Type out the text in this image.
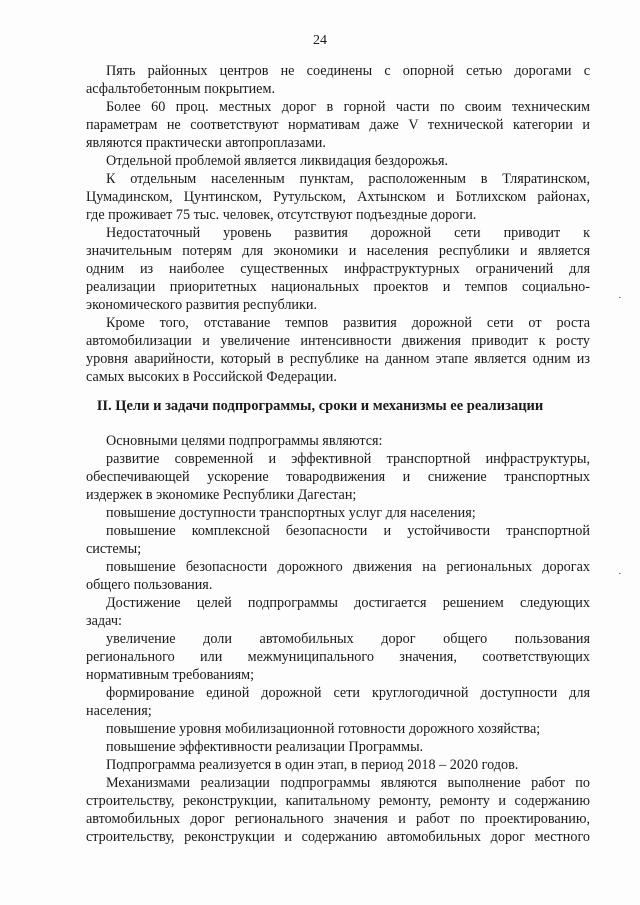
24
II. Цели и задачи подпрограммы, сроки и механизмы ее реализации
Пять районных центров не соединены с опорной сетью дорогами с
асфальтобетонным покрытием.
Более 60 проц. местных дорог в горной части по своим техническим
параметрам не соответствуют нормативам даже V технической категории и
являются практически автопроплазами.
Отдельной проблемой является ликвидация бездорожья.
К отдельным населенным пунктам, расположенным в Тляратинском,
Цумадинском, Цунтинском, Рутульском, Ахтынском и Ботлихском районах,
где проживает 75 тыс. человек, отсутствуют подъездные дороги.
Недостаточный уровень развития дорожной сети приводит к
значительным потерям для экономики и населения республики и является
одним из наиболее существенных инфраструктурных ограничений для
реализации приоритетных национальных проектов и темпов социально-
экономического развития республики.
Кроме того, отставание темпов развития дорожной сети от роста
автомобилизации и увеличение интенсивности движения приводит к росту
уровня аварийности, который в республике на данном этапе является одним из
самых высоких в Российской Федерации.
Основными целями подпрограммы являются:
развитие современной и эффективной транспортной инфраструктуры,
обеспечивающей ускорение товародвижения и снижение транспортных
издержек в экономике Республики Дагестан;
повышение доступности транспортных услуг для населения;
повышение комплексной безопасности и устойчивости транспортной
системы;
повышение безопасности дорожного движения на региональных дорогах
общего пользования.
Достижение целей подпрограммы достигается решением следующих
задач:
увеличение доли автомобильных дорог общего пользования
регионального или межмуниципального значения, соответствующих
нормативным требованиям;
формирование единой дорожной сети круглогодичной доступности для
населения;
повышение уровня мобилизационной готовности дорожного хозяйства;
повышение эффективности реализации Программы.
Подпрограмма реализуется в один этап, в период 2018 – 2020 годов.
Механизмами реализации подпрограммы являются выполнение работ по
строительству, реконструкции, капитальному ремонту, ремонту и содержанию
автомобильных дорог регионального значения и работ по проектированию,
строительству, реконструкции и содержанию автомобильных дорог местного
·
·
